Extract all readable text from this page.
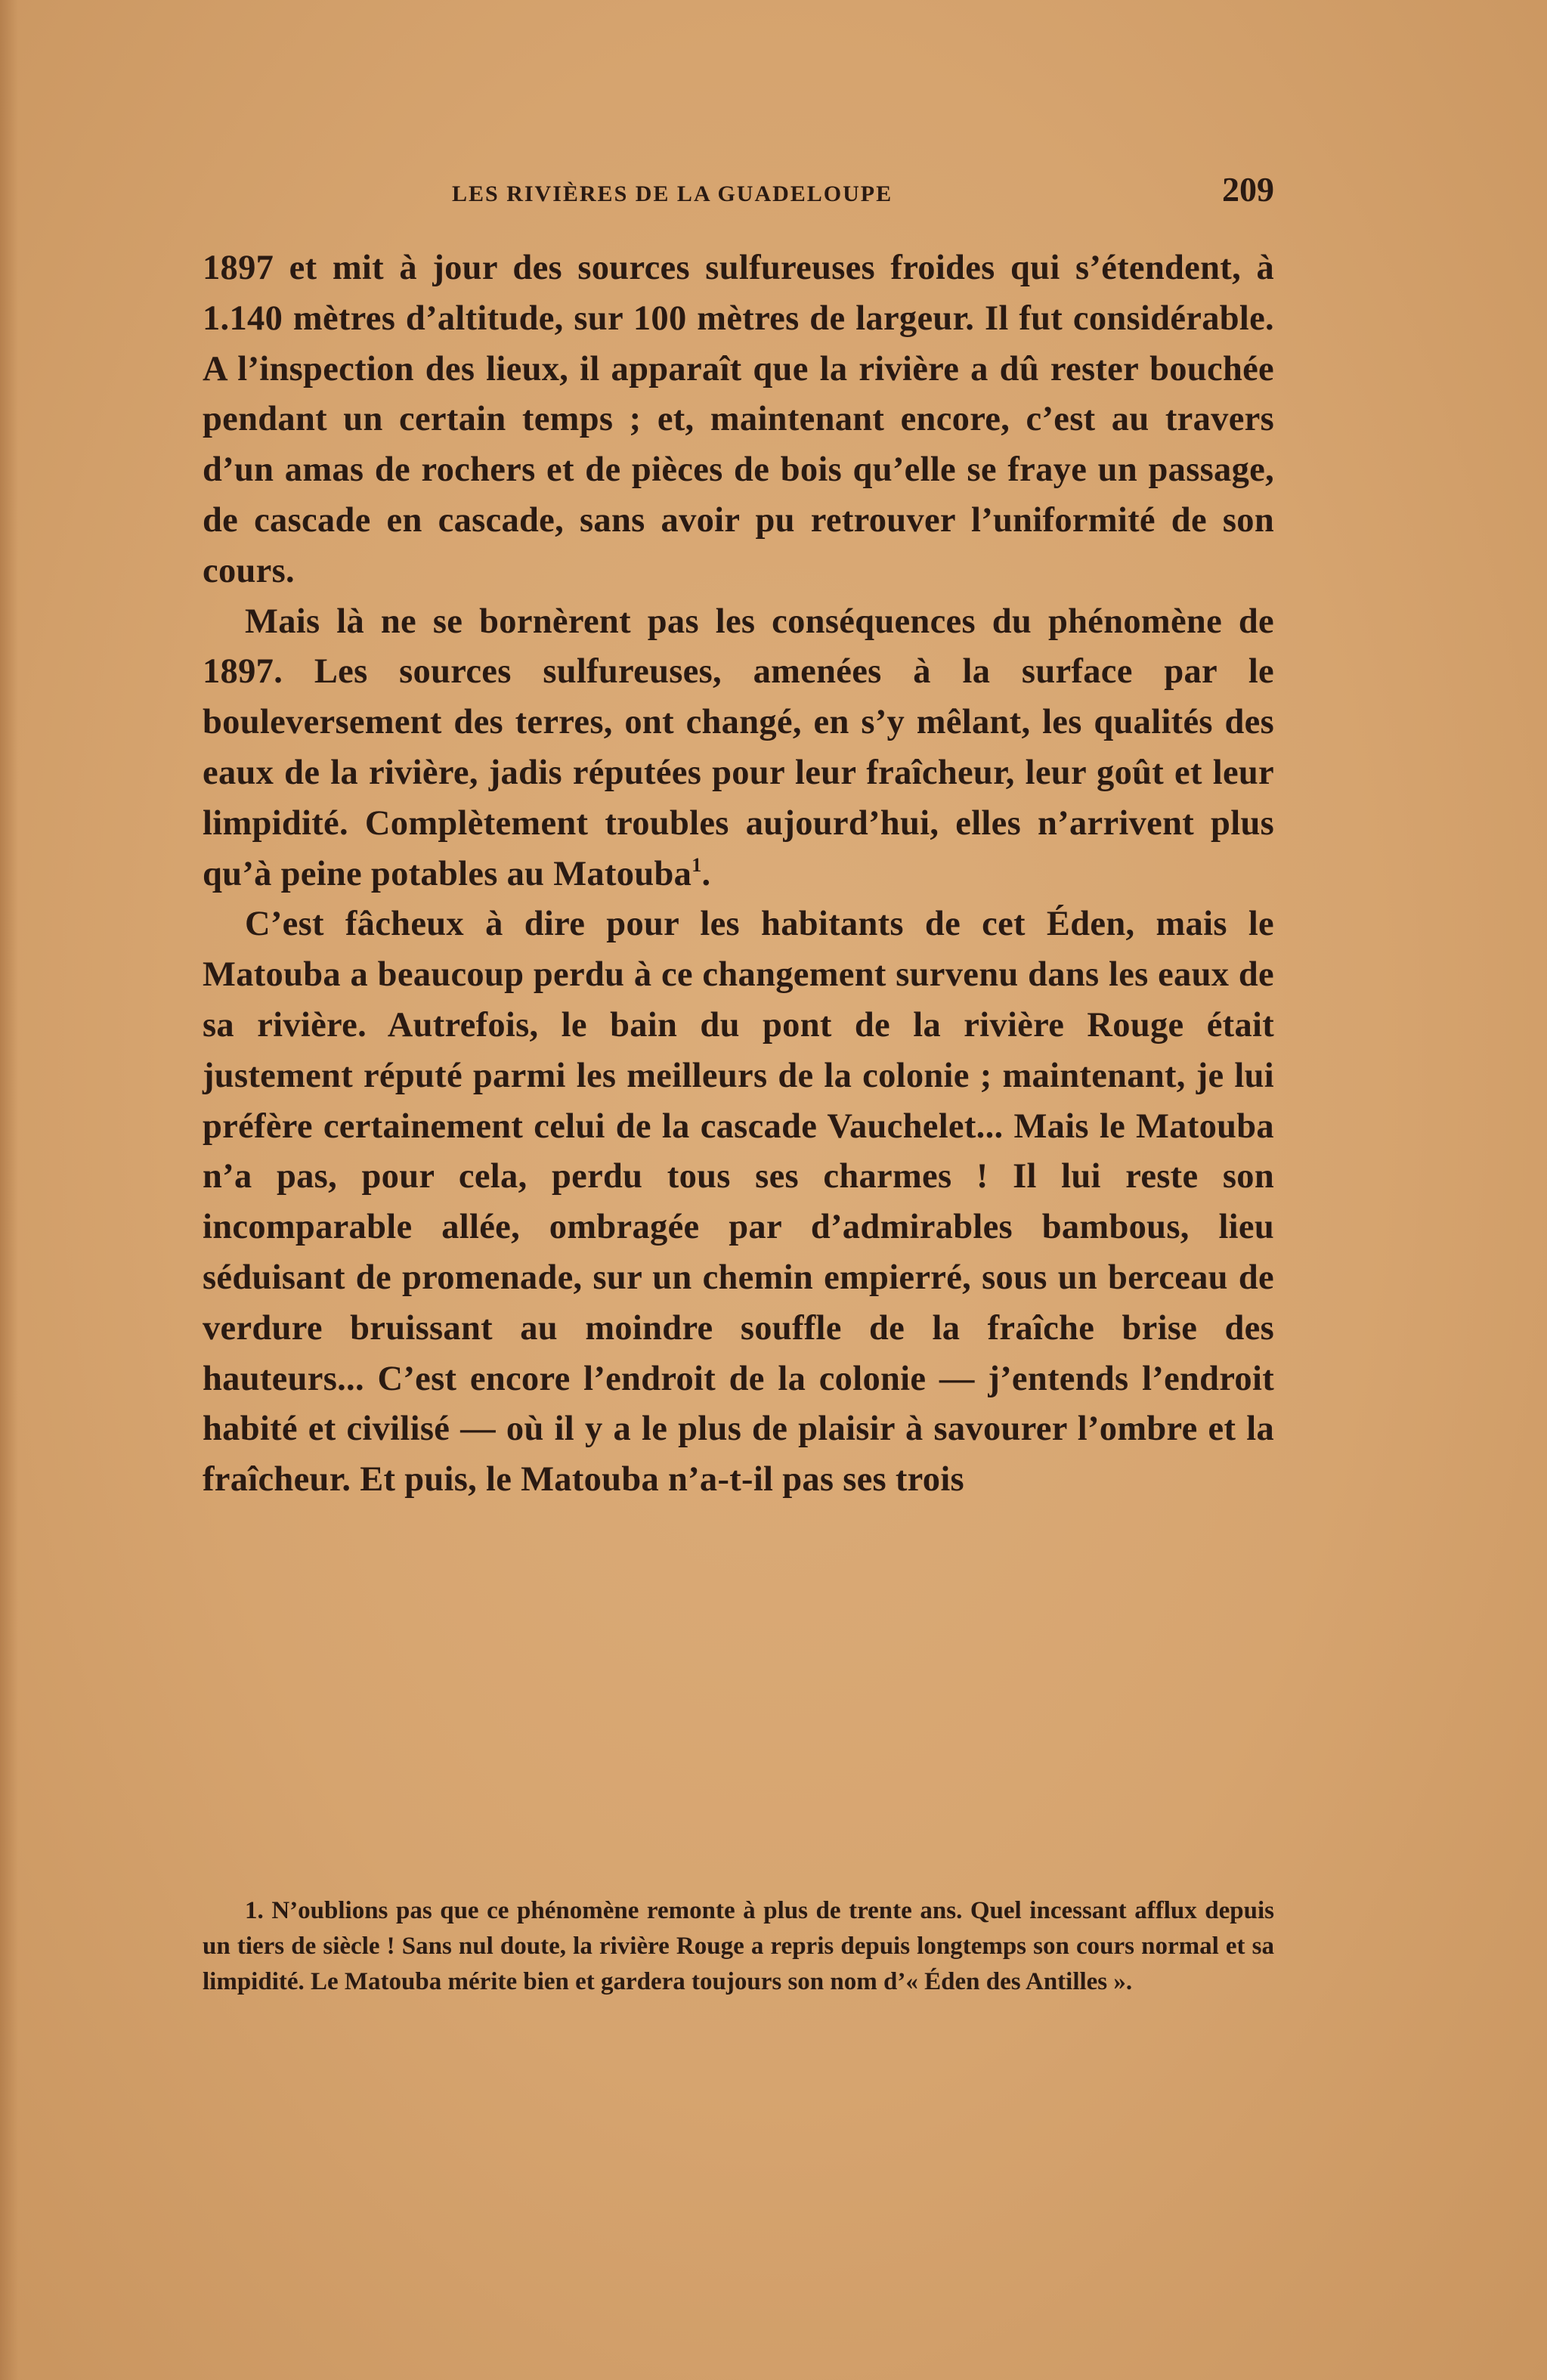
LES RIVIÈRES DE LA GUADELOUPE	209

1897 et mit à jour des sources sulfureuses froides qui s’étendent, à 1.140 mètres d’altitude, sur 100 mètres de largeur. Il fut considérable. A l’inspection des lieux, il apparaît que la rivière a dû rester bouchée pendant un certain temps ; et, maintenant encore, c’est au travers d’un amas de rochers et de pièces de bois qu’elle se fraye un passage, de cascade en cascade, sans avoir pu retrouver l’uniformité de son cours.

Mais là ne se bornèrent pas les conséquences du phénomène de 1897. Les sources sulfureuses, amenées à la surface par le bouleversement des terres, ont changé, en s’y mêlant, les qualités des eaux de la rivière, jadis réputées pour leur fraîcheur, leur goût et leur limpidité. Complètement troubles aujourd’hui, elles n’arrivent plus qu’à peine potables au Matouba$^1$.

C’est fâcheux à dire pour les habitants de cet Éden, mais le Matouba a beaucoup perdu à ce changement survenu dans les eaux de sa rivière. Autrefois, le bain du pont de la rivière Rouge était justement réputé parmi les meilleurs de la colonie ; maintenant, je lui préfère certainement celui de la cascade Vauchelet... Mais le Matouba n’a pas, pour cela, perdu tous ses charmes ! Il lui reste son incomparable allée, ombragée par d’admirables bambous, lieu séduisant de promenade, sur un chemin empierré, sous un berceau de verdure bruissant au moindre souffle de la fraîche brise des hauteurs... C’est encore l’endroit de la colonie — j’entends l’endroit habité et civilisé — où il y a le plus de plaisir à savourer l’ombre et la fraîcheur. Et puis, le Matouba n’a-t-il pas ses trois

1. N’oublions pas que ce phénomène remonte à plus de trente ans. Quel incessant afflux depuis un tiers de siècle ! Sans nul doute, la rivière Rouge a repris depuis longtemps son cours normal et sa limpidité. Le Matouba mérite bien et gardera toujours son nom d’« Éden des Antilles ».
